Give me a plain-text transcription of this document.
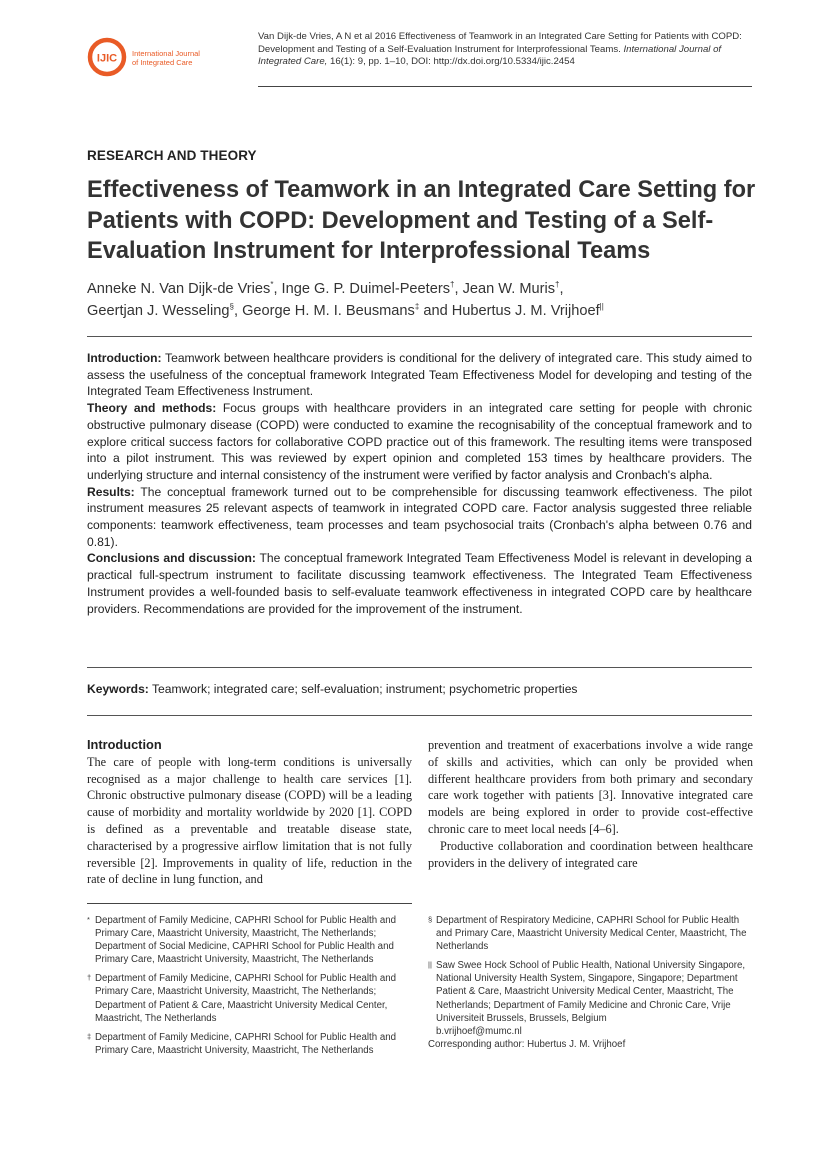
IJIC International Journal
of Integrated Care

Van Dijk-de Vries, A N et al 2016 Effectiveness of Teamwork in an Integrated Care Setting for Patients with COPD: Development and Testing of a Self-Evaluation Instrument for Interprofessional Teams. International Journal of Integrated Care, 16(1): 9, pp. 1–10, DOI: http://dx.doi.org/10.5334/ijic.2454

RESEARCH AND THEORY
Effectiveness of Teamwork in an Integrated Care Setting for Patients with COPD: Development and Testing of a Self-Evaluation Instrument for Interprofessional Teams

Anneke N. Van Dijk-de Vries*, Inge G. P. Duimel-Peeters†, Jean W. Muris†,
Geertjan J. Wesseling§, George H. M. I. Beusmans‡ and Hubertus J. M. Vrijhoef||

Introduction: Teamwork between healthcare providers is conditional for the delivery of integrated care. This study aimed to assess the usefulness of the conceptual framework Integrated Team Effectiveness Model for developing and testing of the Integrated Team Effectiveness Instrument.

Theory and methods: Focus groups with healthcare providers in an integrated care setting for people with chronic obstructive pulmonary disease (COPD) were conducted to examine the recognisability of the conceptual framework and to explore critical success factors for collaborative COPD practice out of this framework. The resulting items were transposed into a pilot instrument. This was reviewed by expert opinion and completed 153 times by healthcare providers. The underlying structure and internal consistency of the instrument were verified by factor analysis and Cronbach's alpha.

Results: The conceptual framework turned out to be comprehensible for discussing teamwork effectiveness. The pilot instrument measures 25 relevant aspects of teamwork in integrated COPD care. Factor analysis suggested three reliable components: teamwork effectiveness, team processes and team psychosocial traits (Cronbach's alpha between 0.76 and 0.81).

Conclusions and discussion: The conceptual framework Integrated Team Effectiveness Model is relevant in developing a practical full-spectrum instrument to facilitate discussing teamwork effectiveness. The Integrated Team Effectiveness Instrument provides a well-founded basis to self-evaluate teamwork effectiveness in integrated COPD care by healthcare providers. Recommendations are provided for the improvement of the instrument.

Keywords: Teamwork; integrated care; self-evaluation; instrument; psychometric properties

Introduction

The care of people with long-term conditions is universally recognised as a major challenge to health care services [1]. Chronic obstructive pulmonary disease (COPD) will be a leading cause of morbidity and mortality worldwide by 2020 [1]. COPD is defined as a preventable and treatable disease state, characterised by a progressive airflow limitation that is not fully reversible [2]. Improvements in quality of life, reduction in the rate of decline in lung function, and

prevention and treatment of exacerbations involve a wide range of skills and activities, which can only be provided when different healthcare providers from both primary and secondary care work together with patients [3]. Innovative integrated care models are being explored in order to provide cost-effective chronic care to meet local needs [4–6].

Productive collaboration and coordination between healthcare providers in the delivery of integrated care

* Department of Family Medicine, CAPHRI School for Public Health and Primary Care, Maastricht University, Maastricht, The Netherlands; Department of Social Medicine, CAPHRI School for Public Health and Primary Care, Maastricht University, Maastricht, The Netherlands
† Department of Family Medicine, CAPHRI School for Public Health and Primary Care, Maastricht University, Maastricht, The Netherlands; Department of Patient & Care, Maastricht University Medical Center, Maastricht, The Netherlands
‡ Department of Family Medicine, CAPHRI School for Public Health and Primary Care, Maastricht University, Maastricht, The Netherlands
§ Department of Respiratory Medicine, CAPHRI School for Public Health and Primary Care, Maastricht University Medical Center, Maastricht, The Netherlands
|| Saw Swee Hock School of Public Health, National University Singapore, National University Health System, Singapore, Singapore; Department Patient & Care, Maastricht University Medical Center, Maastricht, The Netherlands; Department of Family Medicine and Chronic Care, Vrije Universiteit Brussels, Brussels, Belgium
b.vrijhoef@mumc.nl
Corresponding author: Hubertus J. M. Vrijhoef
